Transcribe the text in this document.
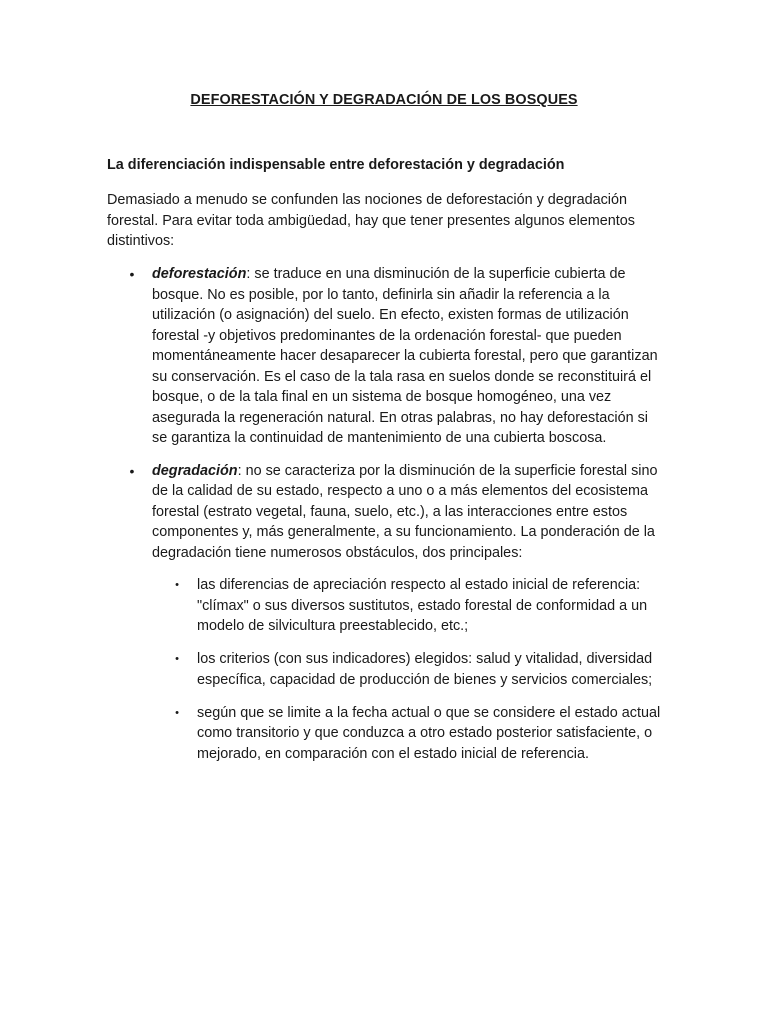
DEFORESTACIÓN Y DEGRADACIÓN DE LOS BOSQUES
La diferenciación indispensable entre deforestación y degradación
Demasiado a menudo se confunden las nociones de deforestación y degradación forestal. Para evitar toda ambigüedad, hay que tener presentes algunos elementos distintivos:
• deforestación: se traduce en una disminución de la superficie cubierta de bosque. No es posible, por lo tanto, definirla sin añadir la referencia a la utilización (o asignación) del suelo. En efecto, existen formas de utilización forestal -y objetivos predominantes de la ordenación forestal- que pueden momentáneamente hacer desaparecer la cubierta forestal, pero que garantizan su conservación. Es el caso de la tala rasa en suelos donde se reconstituirá el bosque, o de la tala final en un sistema de bosque homogéneo, una vez asegurada la regeneración natural. En otras palabras, no hay deforestación si se garantiza la continuidad de mantenimiento de una cubierta boscosa.
• degradación: no se caracteriza por la disminución de la superficie forestal sino de la calidad de su estado, respecto a uno o a más elementos del ecosistema forestal (estrato vegetal, fauna, suelo, etc.), a las interacciones entre estos componentes y, más generalmente, a su funcionamiento. La ponderación de la degradación tiene numerosos obstáculos, dos principales:
• las diferencias de apreciación respecto al estado inicial de referencia: "clímax" o sus diversos sustitutos, estado forestal de conformidad a un modelo de silvicultura preestablecido, etc.;
• los criterios (con sus indicadores) elegidos: salud y vitalidad, diversidad específica, capacidad de producción de bienes y servicios comerciales;
• según que se limite a la fecha actual o que se considere el estado actual como transitorio y que conduzca a otro estado posterior satisfaciente, o mejorado, en comparación con el estado inicial de referencia.
